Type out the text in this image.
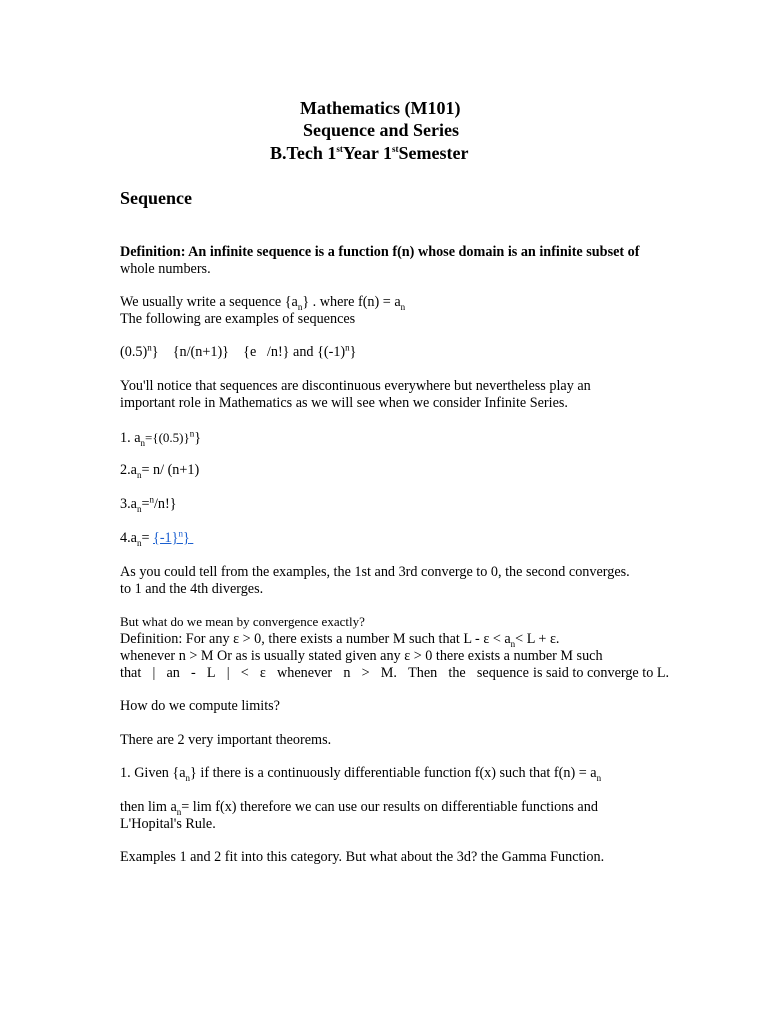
Mathematics (M101)
Sequence and Series
B.Tech 1stYear 1stSemester
Sequence
Definition: An infinite sequence is a function f(n) whose domain is an infinite subset of
whole numbers.
We usually write a sequence $\{a_n\}$ . where $f(n) = a_n$
The following are examples of sequences
$(0.5)^n$} {n/(n+1)} {e /n!} and $\{(-1)^n\}$
You'll notice that sequences are discontinuous everywhere but nevertheless play an
important role in Mathematics as we will see when we consider Infinite Series.
1. $a_n=\{(0.5)\}^n$}
$2.a_n= n/$ (n+1)
$3.a_n=^n/n$!}
$4.a_n= \{-1\}^n$}
As you could tell from the examples, the 1st and 3rd converge to 0, the second converges.
to 1 and the 4th diverges.
But what do we mean by convergence exactly?
Definition: For any ε > 0, there exists a number M such that $L - \varepsilon < a_n< L + \varepsilon$.
whenever n > M Or as is usually stated given any ε > 0 there exists a number M such
that | an - L | < ε whenever n > M. Then the sequence is said to converge to L.
How do we compute limits?
There are 2 very important theorems.
1. Given $\{a_n\}$ if there is a continuously differentiable function f(x) such that $f(n) = a_n$
then $\lim a_n= \lim f(x)$ therefore we can use our results on differentiable functions and
L'Hopital's Rule.
Examples 1 and 2 fit into this category. But what about the 3d? the Gamma Function.
